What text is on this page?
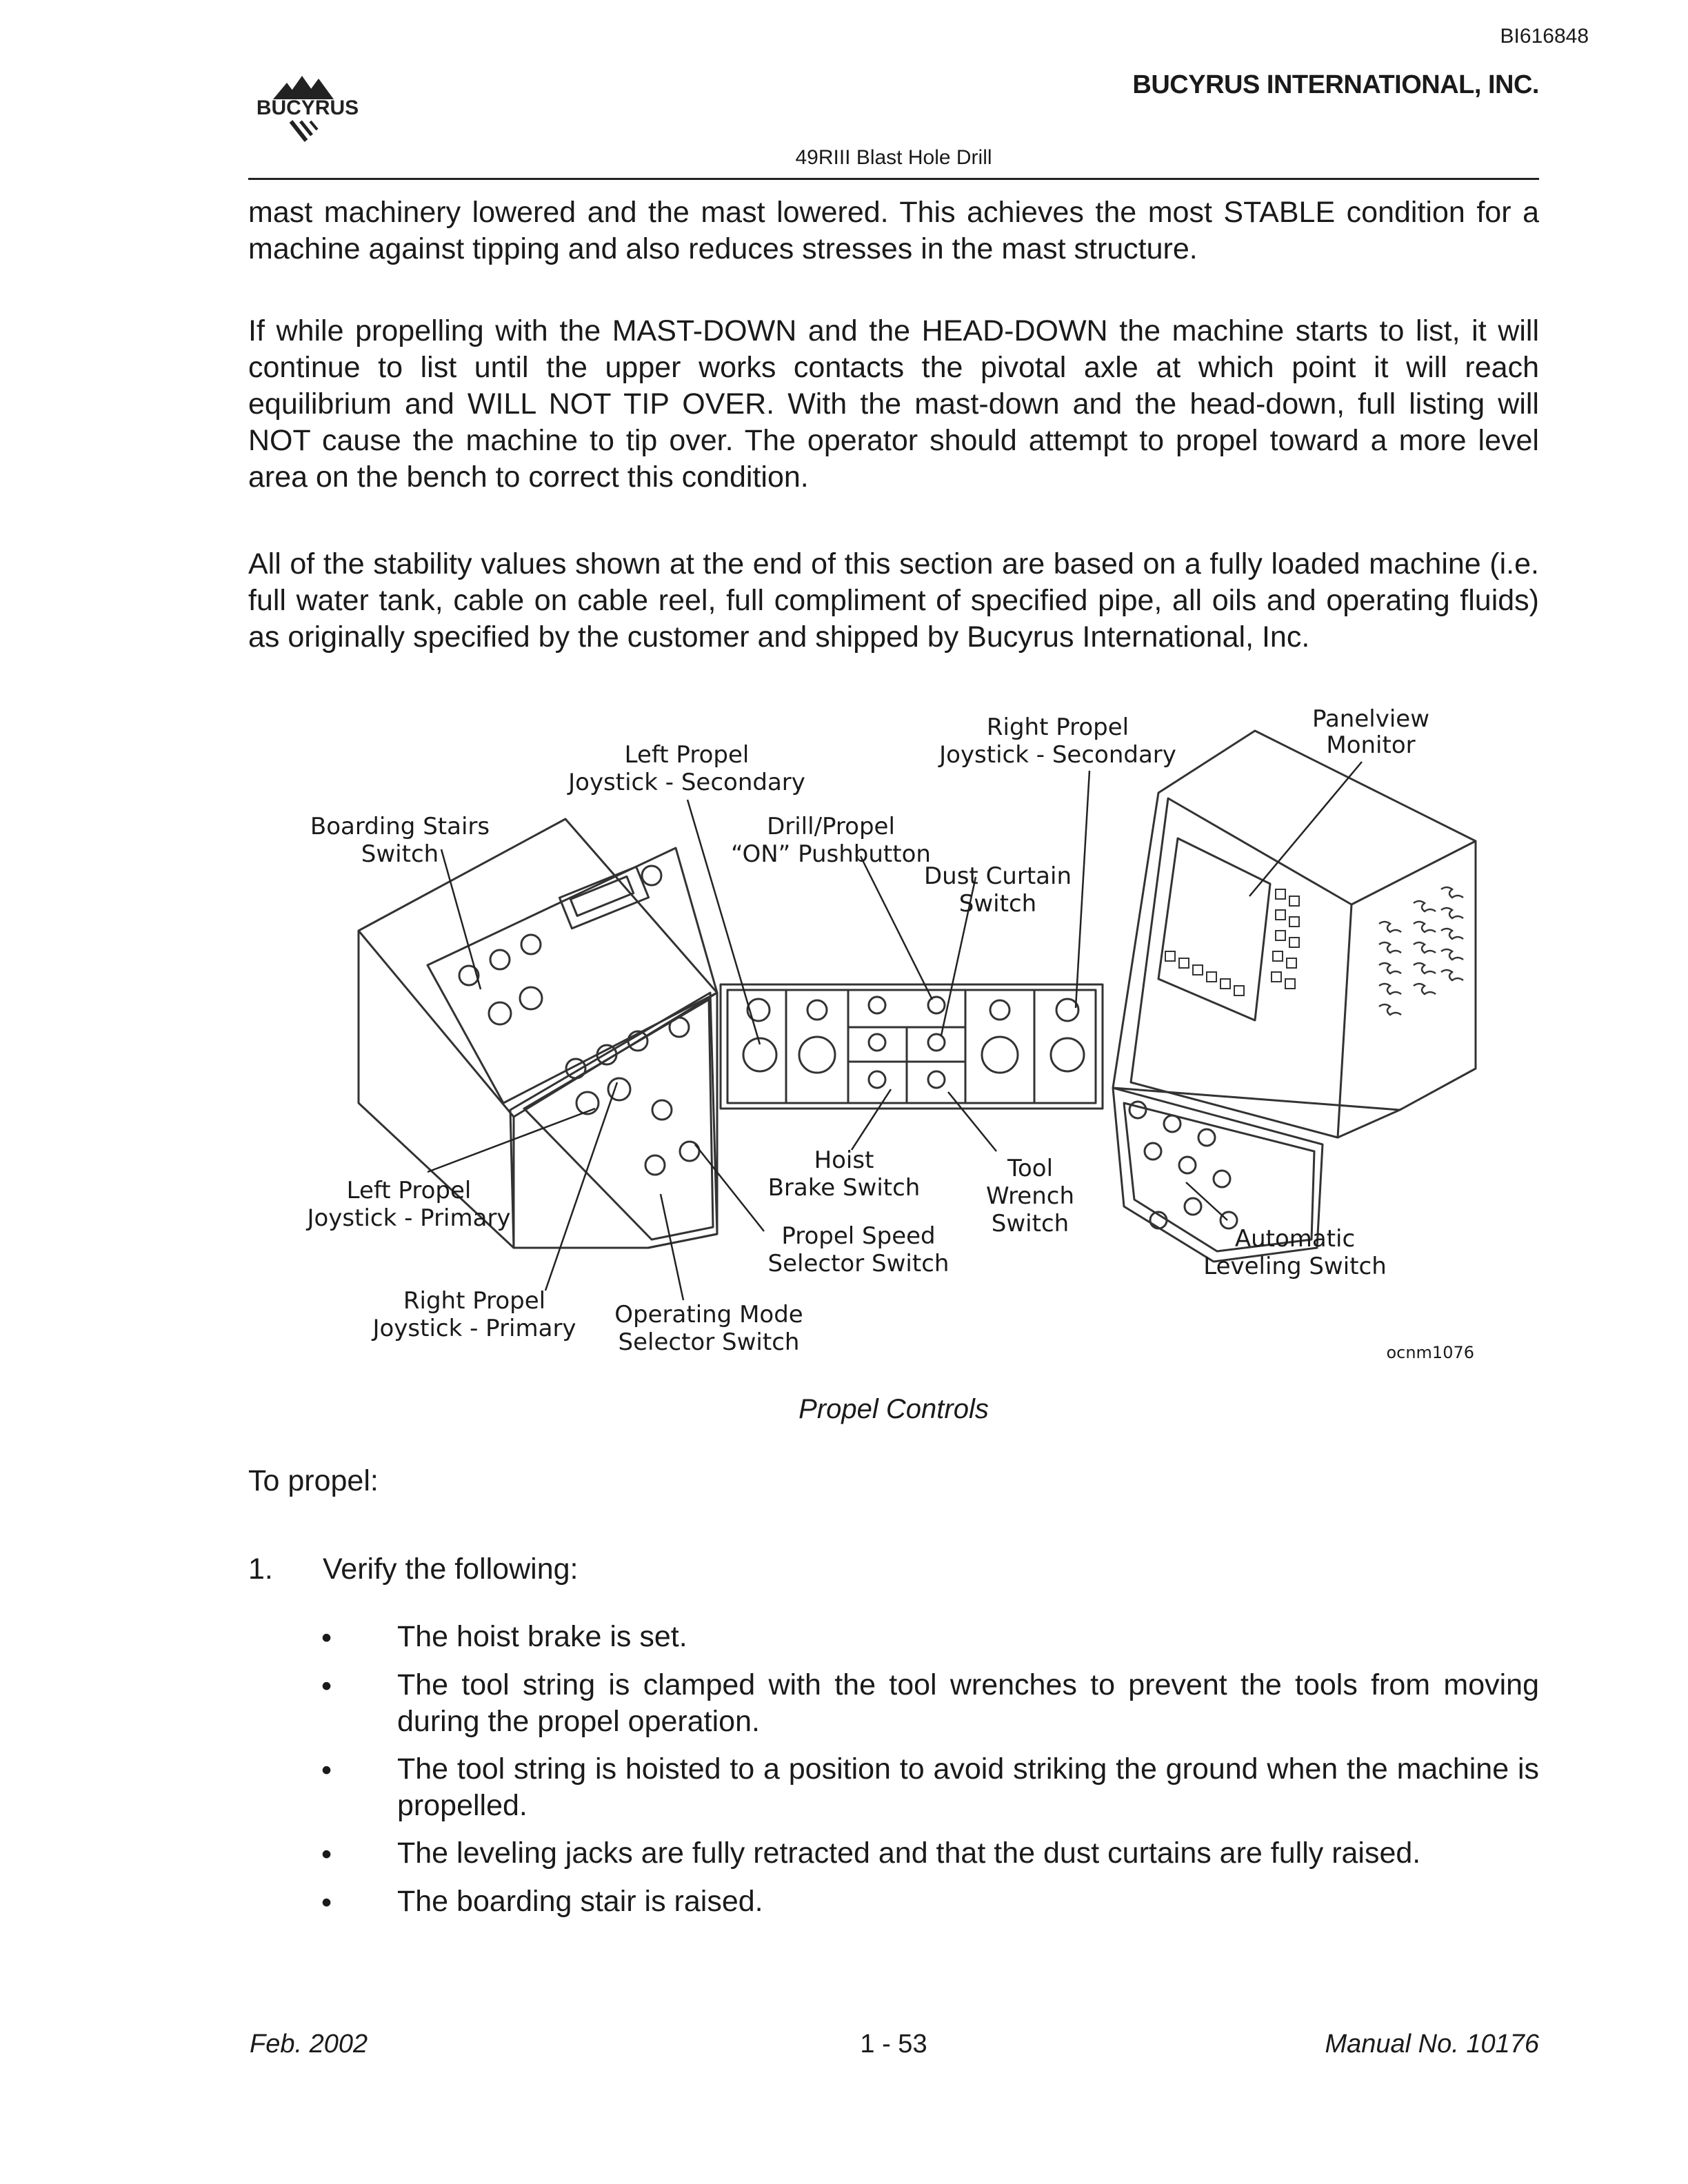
BI616848
BUCYRUS
BUCYRUS INTERNATIONAL, INC.
49RIII Blast Hole Drill

mast machinery lowered and the mast lowered. This achieves the most STABLE condition for a machine against tipping and also reduces stresses in the mast structure.

If while propelling with the MAST-DOWN and the HEAD-DOWN the machine starts to list, it will continue to list until the upper works contacts the pivotal axle at which point it will reach equilibrium and WILL NOT TIP OVER. With the mast-down and the head-down, full listing will NOT cause the machine to tip over. The operator should attempt to propel toward a more level area on the bench to correct this condition.

All of the stability values shown at the end of this section are based on a fully loaded machine (i.e. full water tank, cable on cable reel, full compliment of specified pipe, all oils and operating fluids) as originally specified by the customer and shipped by Bucyrus International, Inc.

Panelview
Monitor
Right Propel
Joystick - Secondary
Left Propel
Joystick - Secondary
Drill/Propel
“ON” Pushbutton
Dust Curtain
Switch
Boarding Stairs
Switch
Left Propel
Joystick - Primary
Hoist
Brake Switch
Tool
Wrench
Switch
Propel Speed
Selector Switch
Automatic
Leveling Switch
Right Propel
Joystick - Primary Operating Mode
Selector Switch	ocnm1076
Propel Controls
To propel:
1. Verify the following:
• The hoist brake is set.

• The tool string is clamped with the tool wrenches to prevent the tools from moving during the propel operation.

• The tool string is hoisted to a position to avoid striking the ground when the machine is propelled.

• The leveling jacks are fully retracted and that the dust curtains are fully raised.

• The boarding stair is raised.

Feb. 2002	1 - 53	Manual No. 10176
